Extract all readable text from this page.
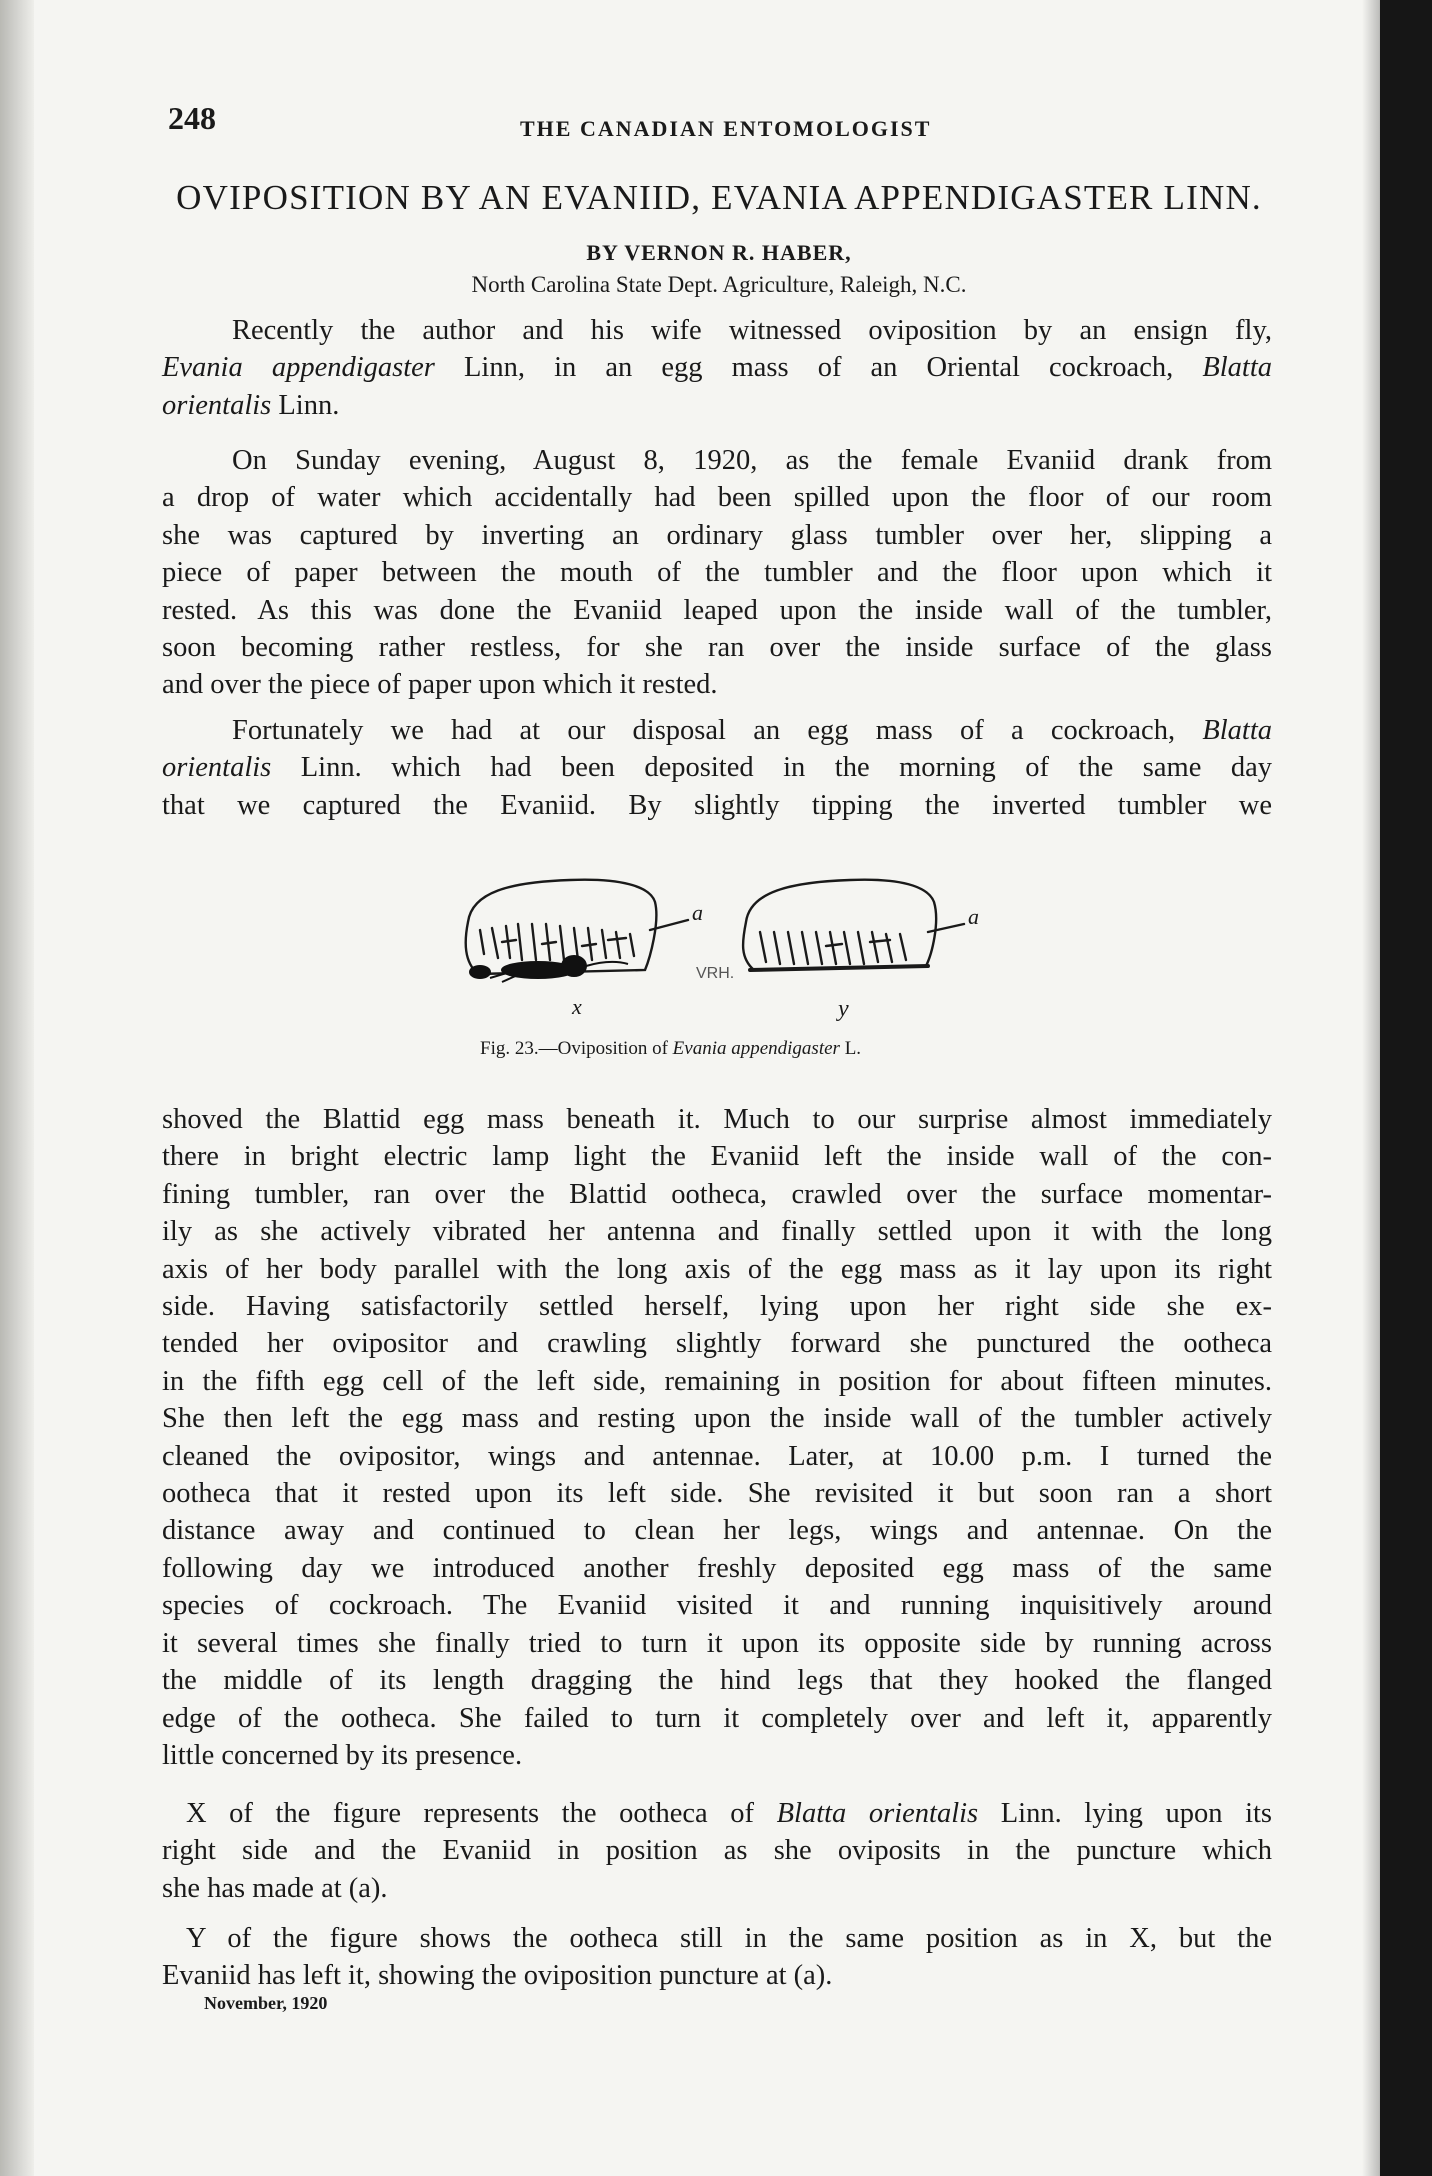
248	THE CANADIAN ENTOMOLOGIST
OVIPOSITION BY AN EVANIID, EVANIA APPENDIGASTER LINN.
BY VERNON R. HABER,
North Carolina State Dept. Agriculture, Raleigh, N.C.
Recently the author and his wife witnessed oviposition by an ensign fly,
Evania appendigaster Linn, in an egg mass of an Oriental cockroach, Blatta
orientalis Linn.
On Sunday evening, August 8, 1920, as the female Evaniid drank from
a drop of water which accidentally had been spilled upon the floor of our room
she was captured by inverting an ordinary glass tumbler over her, slipping a
piece of paper between the mouth of the tumbler and the floor upon which it
rested. As this was done the Evaniid leaped upon the inside wall of the tumbler,
soon becoming rather restless, for she ran over the inside surface of the glass
and over the piece of paper upon which it rested.
Fortunately we had at our disposal an egg mass of a cockroach, Blatta
orientalis Linn. which had been deposited in the morning of the same day
that we captured the Evaniid. By slightly tipping the inverted tumbler we
a	a
x	y
VRH.
Fig. 23.—Oviposition of Evania appendigaster L.
shoved the Blattid egg mass beneath it. Much to our surprise almost immediately
there in bright electric lamp light the Evaniid left the inside wall of the con-
fining tumbler, ran over the Blattid ootheca, crawled over the surface momentar-
ily as she actively vibrated her antenna and finally settled upon it with the long
axis of her body parallel with the long axis of the egg mass as it lay upon its right
side. Having satisfactorily settled herself, lying upon her right side she ex-
tended her ovipositor and crawling slightly forward she punctured the ootheca
in the fifth egg cell of the left side, remaining in position for about fifteen minutes.
She then left the egg mass and resting upon the inside wall of the tumbler actively
cleaned the ovipositor, wings and antennae. Later, at 10.00 p.m. I turned the
ootheca that it rested upon its left side. She revisited it but soon ran a short
distance away and continued to clean her legs, wings and antennae. On the
following day we introduced another freshly deposited egg mass of the same
species of cockroach. The Evaniid visited it and running inquisitively around
it several times she finally tried to turn it upon its opposite side by running across
the middle of its length dragging the hind legs that they hooked the flanged
edge of the ootheca. She failed to turn it completely over and left it, apparently
little concerned by its presence.
X of the figure represents the ootheca of Blatta orientalis Linn. lying upon its
right side and the Evaniid in position as she oviposits in the puncture which
she has made at (a).
Y of the figure shows the ootheca still in the same position as in X, but the
Evaniid has left it, showing the oviposition puncture at (a).
November, 1920
